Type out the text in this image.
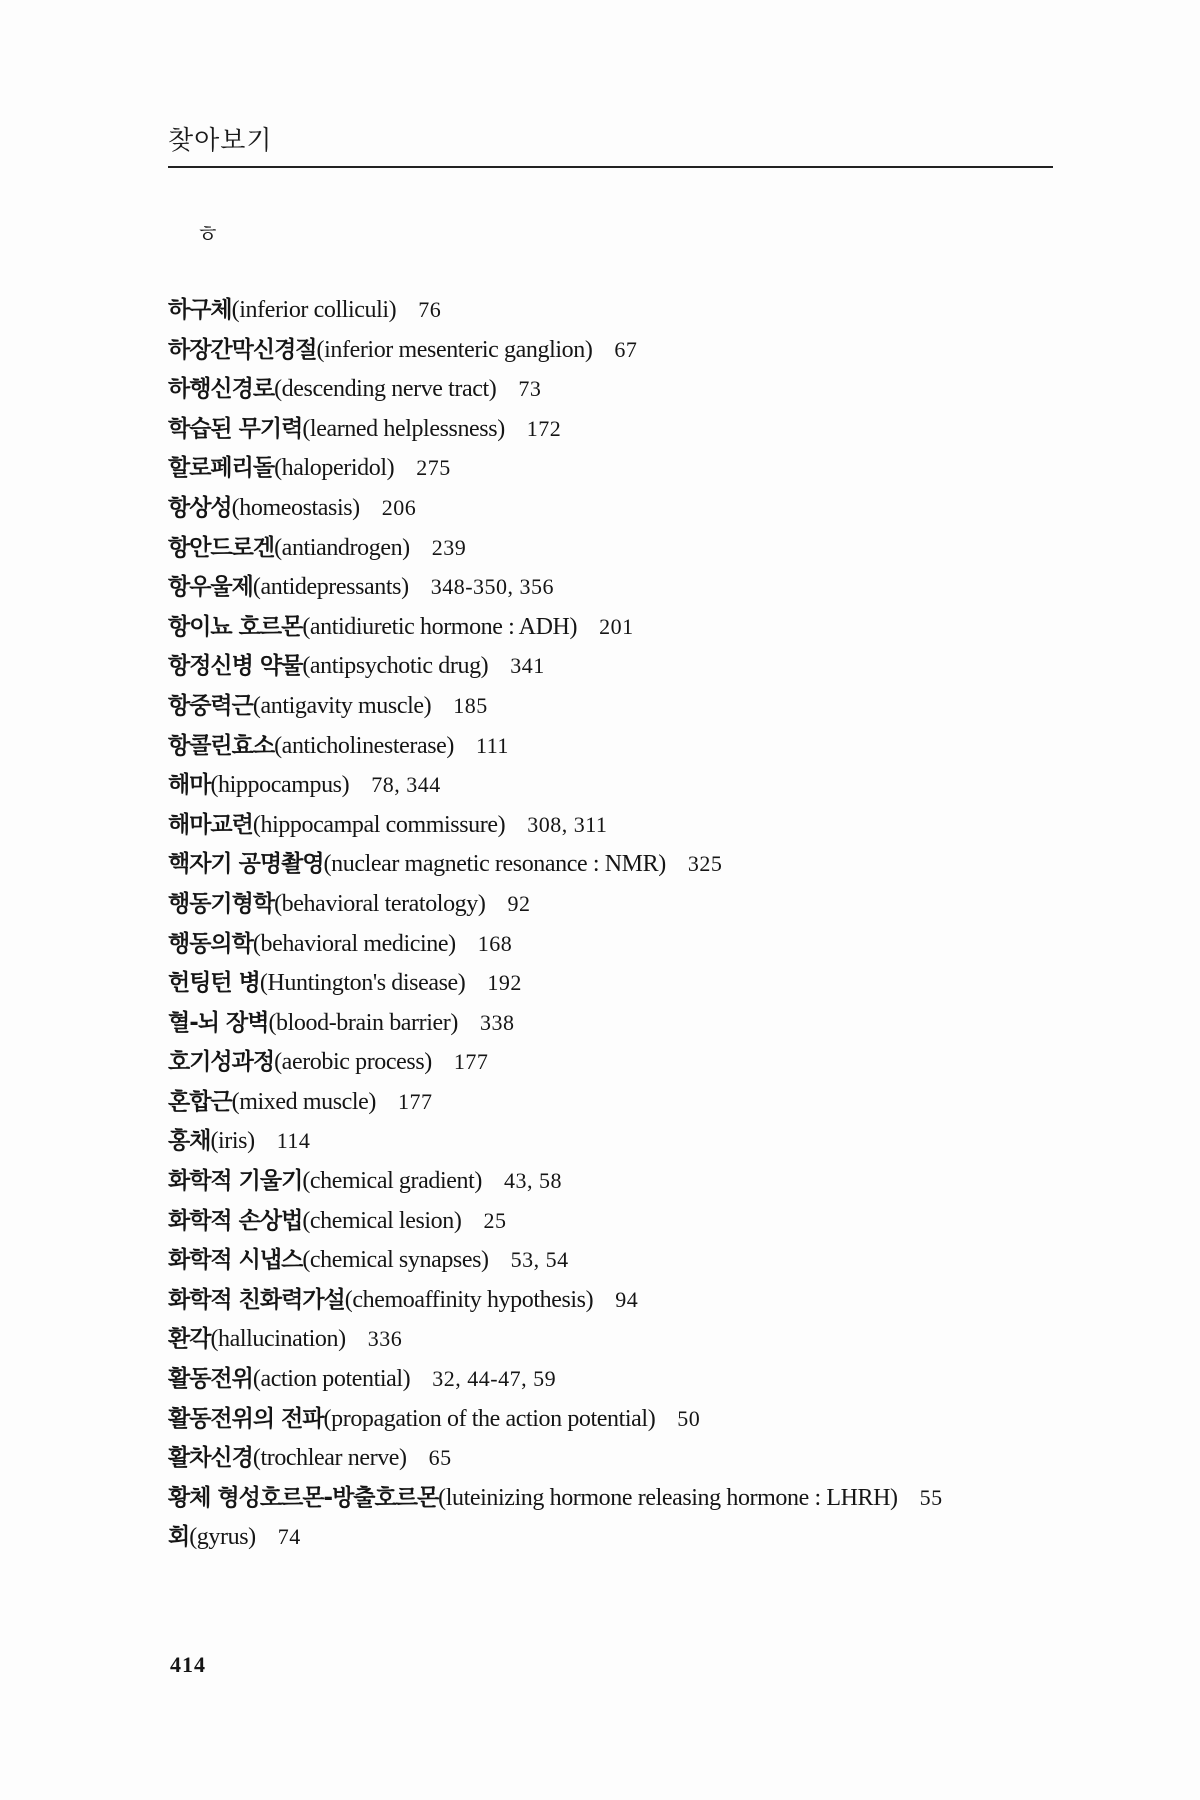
찾아보기
ㅎ
하구체(inferior colliculi) 76
하장간막신경절(inferior mesenteric ganglion) 67
하행신경로(descending nerve tract) 73
학습된 무기력(learned helplessness) 172
할로페리돌(haloperidol) 275
항상성(homeostasis) 206
항안드로겐(antiandrogen) 239
항우울제(antidepressants) 348-350, 356
항이뇨 호르몬(antidiuretic hormone : ADH) 201
항정신병 약물(antipsychotic drug) 341
항중력근(antigavity muscle) 185
항콜린효소(anticholinesterase) 111
해마(hippocampus) 78, 344
해마교련(hippocampal commissure) 308, 311
핵자기 공명촬영(nuclear magnetic resonance : NMR) 325
행동기형학(behavioral teratology) 92
행동의학(behavioral medicine) 168
헌팅턴 병(Huntington's disease) 192
혈-뇌 장벽(blood-brain barrier) 338
호기성과정(aerobic process) 177
혼합근(mixed muscle) 177
홍채(iris) 114
화학적 기울기(chemical gradient) 43, 58
화학적 손상법(chemical lesion) 25
화학적 시냅스(chemical synapses) 53, 54
화학적 친화력가설(chemoaffinity hypothesis) 94
환각(hallucination) 336
활동전위(action potential) 32, 44-47, 59
활동전위의 전파(propagation of the action potential) 50
활차신경(trochlear nerve) 65
황체 형성호르몬-방출호르몬(luteinizing hormone releasing hormone : LHRH) 55
회(gyrus) 74
414
